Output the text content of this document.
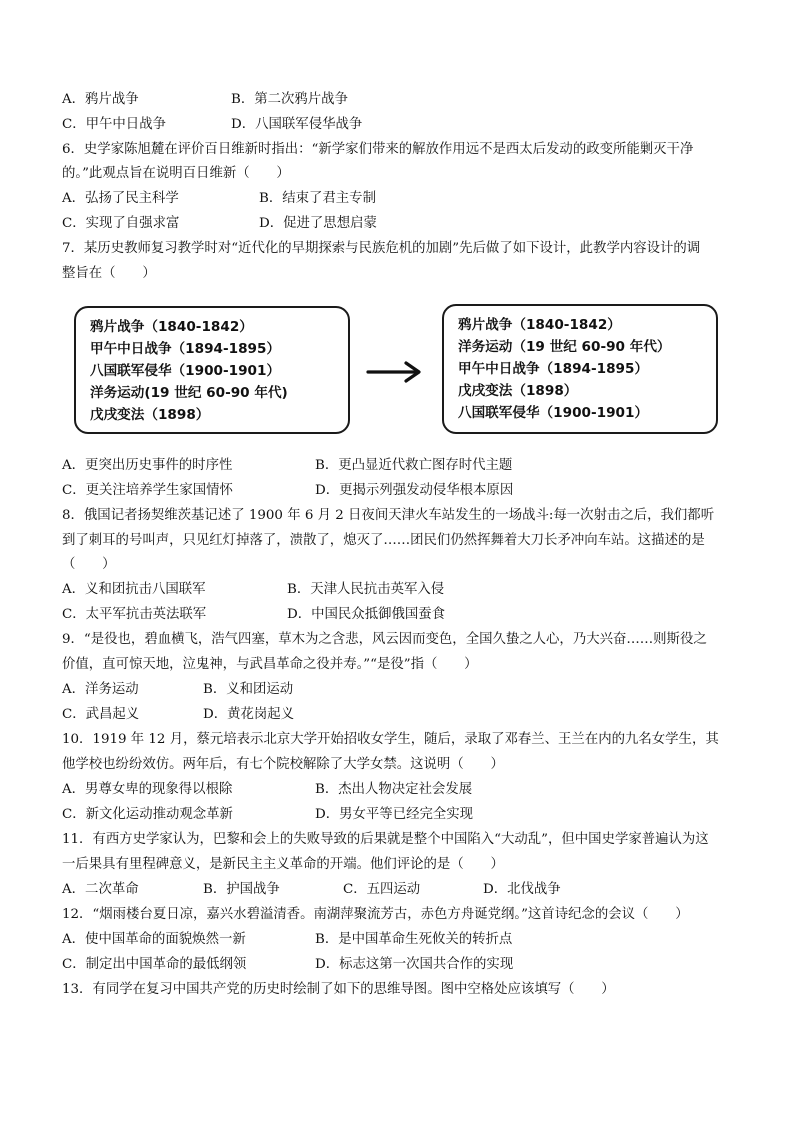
A．鸦片战争	B．第二次鸦片战争
C．甲午中日战争	D．八国联军侵华战争
6．史学家陈旭麓在评价百日维新时指出：“新学家们带来的解放作用远不是西太后发动的政变所能剿灭干净
的。”此观点旨在说明百日维新（　　）
A．弘扬了民主科学	B．结束了君主专制
C．实现了自强求富	D．促进了思想启蒙
7．某历史教师复习教学时对“近代化的早期探索与民族危机的加剧”先后做了如下设计，此教学内容设计的调
整旨在（　　）
鸦片战争（1840-1842）
甲午中日战争（1894-1895）
八国联军侵华（1900-1901）
洋务运动(19 世纪 60-90 年代)
戊戌变法（1898）
鸦片战争（1840-1842）
洋务运动（19 世纪 60-90 年代）
甲午中日战争（1894-1895）
戊戌变法（1898）
八国联军侵华（1900-1901）
A．更突出历史事件的时序性	B．更凸显近代救亡图存时代主题
C．更关注培养学生家国情怀	D．更揭示列强发动侵华根本原因
8．俄国记者扬契维茨基记述了 1900 年 6 月 2 日夜间天津火车站发生的一场战斗:每一次射击之后，我们都听
到了刺耳的号叫声，只见红灯掉落了，溃散了，熄灭了……团民们仍然挥舞着大刀长矛冲向车站。这描述的是
（　　）
A．义和团抗击八国联军	B．天津人民抗击英军入侵
C．太平军抗击英法联军	D．中国民众抵御俄国蚕食
9．“是役也，碧血横飞，浩气四塞，草木为之含悲，风云因而变色，全国久蛰之人心，乃大兴奋……则斯役之
价值，直可惊天地，泣鬼神，与武昌革命之役并寿。”“是役”指（　　）
A．洋务运动	B．义和团运动
C．武昌起义	D．黄花岗起义
10．1919 年 12 月，蔡元培表示北京大学开始招收女学生，随后，录取了邓春兰、王兰在内的九名女学生，其
他学校也纷纷效仿。两年后，有七个院校解除了大学女禁。这说明（　　）
A．男尊女卑的现象得以根除	B．杰出人物决定社会发展
C．新文化运动推动观念革新	D．男女平等已经完全实现
11．有西方史学家认为，巴黎和会上的失败导致的后果就是整个中国陷入“大动乱”，但中国史学家普遍认为这
一后果具有里程碑意义，是新民主主义革命的开端。他们评论的是（　　）
A．二次革命	B．护国战争	C．五四运动	D．北伐战争
12．“烟雨楼台夏日凉，嘉兴水碧溢清香。南湖萍聚流芳古，赤色方舟诞党纲。”这首诗纪念的会议（　　）
A．使中国革命的面貌焕然一新	B．是中国革命生死攸关的转折点
C．制定出中国革命的最低纲领	D．标志这第一次国共合作的实现
13．有同学在复习中国共产党的历史时绘制了如下的思维导图。图中空格处应该填写（　　）
